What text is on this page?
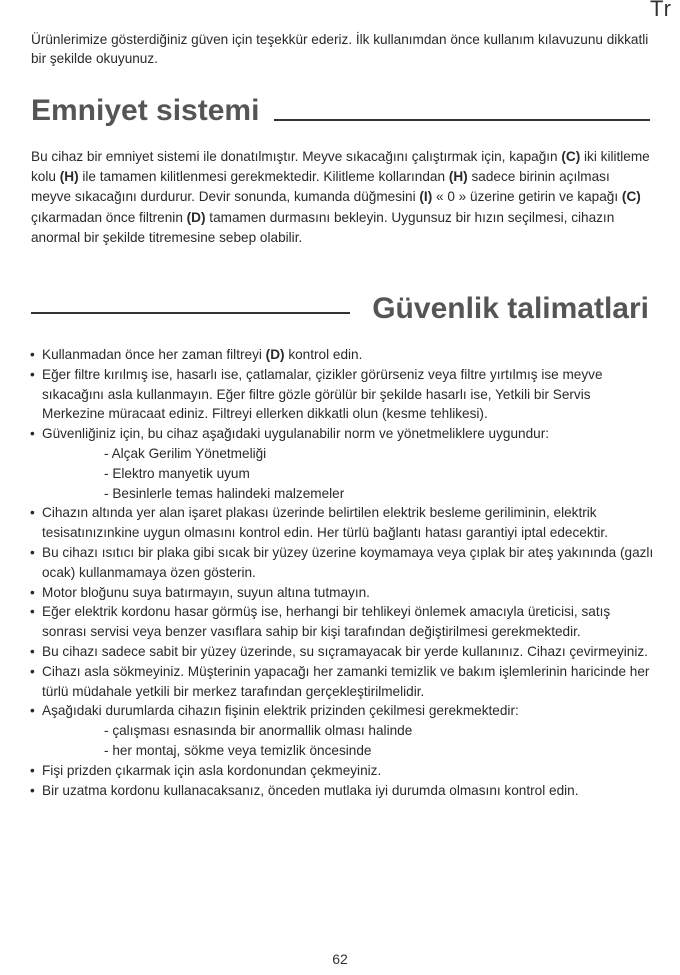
Tr

Ürünlerimize gösterdiğiniz güven için teşekkür ederiz. İlk kullanımdan önce kullanım kılavuzunu dikkatli bir şekilde okuyunuz.

Emniyet sistemi

Bu cihaz bir emniyet sistemi ile donatılmıştır. Meyve sıkacağını çalıştırmak için, kapağın (C) iki kilitleme kolu (H) ile tamamen kilitlenmesi gerekmektedir. Kilitleme kollarından (H) sadece birinin açılması meyve sıkacağını durdurur. Devir sonunda, kumanda düğmesini (I) « 0 » üzerine getirin ve kapağı (C) çıkarmadan önce filtrenin (D) tamamen durmasını bekleyin. Uygunsuz bir hızın seçilmesi, cihazın anormal bir şekilde titremesine sebep olabilir.

Güvenlik talimatlari
• Kullanmadan önce her zaman filtreyi (D) kontrol edin.
• Eğer filtre kırılmış ise, hasarlı ise, çatlamalar, çizikler görürseniz veya filtre yırtılmış ise meyve sıkacağını asla kullanmayın. Eğer filtre gözle görülür bir şekilde hasarlı ise, Yetkili bir Servis Merkezine müracaat ediniz. Filtreyi ellerken dikkatli olun (kesme tehlikesi).
• Güvenliğiniz için, bu cihaz aşağıdaki uygulanabilir norm ve yönetmeliklere uygundur:
- Alçak Gerilim Yönetmeliği
- Elektro manyetik uyum
- Besinlerle temas halindeki malzemeler
• Cihazın altında yer alan işaret plakası üzerinde belirtilen elektrik besleme geriliminin, elektrik tesisatınızınkine uygun olmasını kontrol edin. Her türlü bağlantı hatası garantiyi iptal edecektir.
• Bu cihazı ısıtıcı bir plaka gibi sıcak bir yüzey üzerine koymamaya veya çıplak bir ateş yakınında (gazlı ocak) kullanmamaya özen gösterin.
• Motor bloğunu suya batırmayın, suyun altına tutmayın.
• Eğer elektrik kordonu hasar görmüş ise, herhangi bir tehlikeyi önlemek amacıyla üreticisi, satış sonrası servisi veya benzer vasıflara sahip bir kişi tarafından değiştirilmesi gerekmektedir.
• Bu cihazı sadece sabit bir yüzey üzerinde, su sıçramayacak bir yerde kullanınız. Cihazı çevirmeyiniz.
• Cihazı asla sökmeyiniz. Müşterinin yapacağı her zamanki temizlik ve bakım işlemlerinin haricinde her türlü müdahale yetkili bir merkez tarafından gerçekleştirilmelidir.
• Aşağıdaki durumlarda cihazın fişinin elektrik prizinden çekilmesi gerekmektedir:
- çalışması esnasında bir anormallik olması halinde
- her montaj, sökme veya temizlik öncesinde
• Fişi prizden çıkarmak için asla kordonundan çekmeyiniz.
• Bir uzatma kordonu kullanacaksanız, önceden mutlaka iyi durumda olmasını kontrol edin.
62
